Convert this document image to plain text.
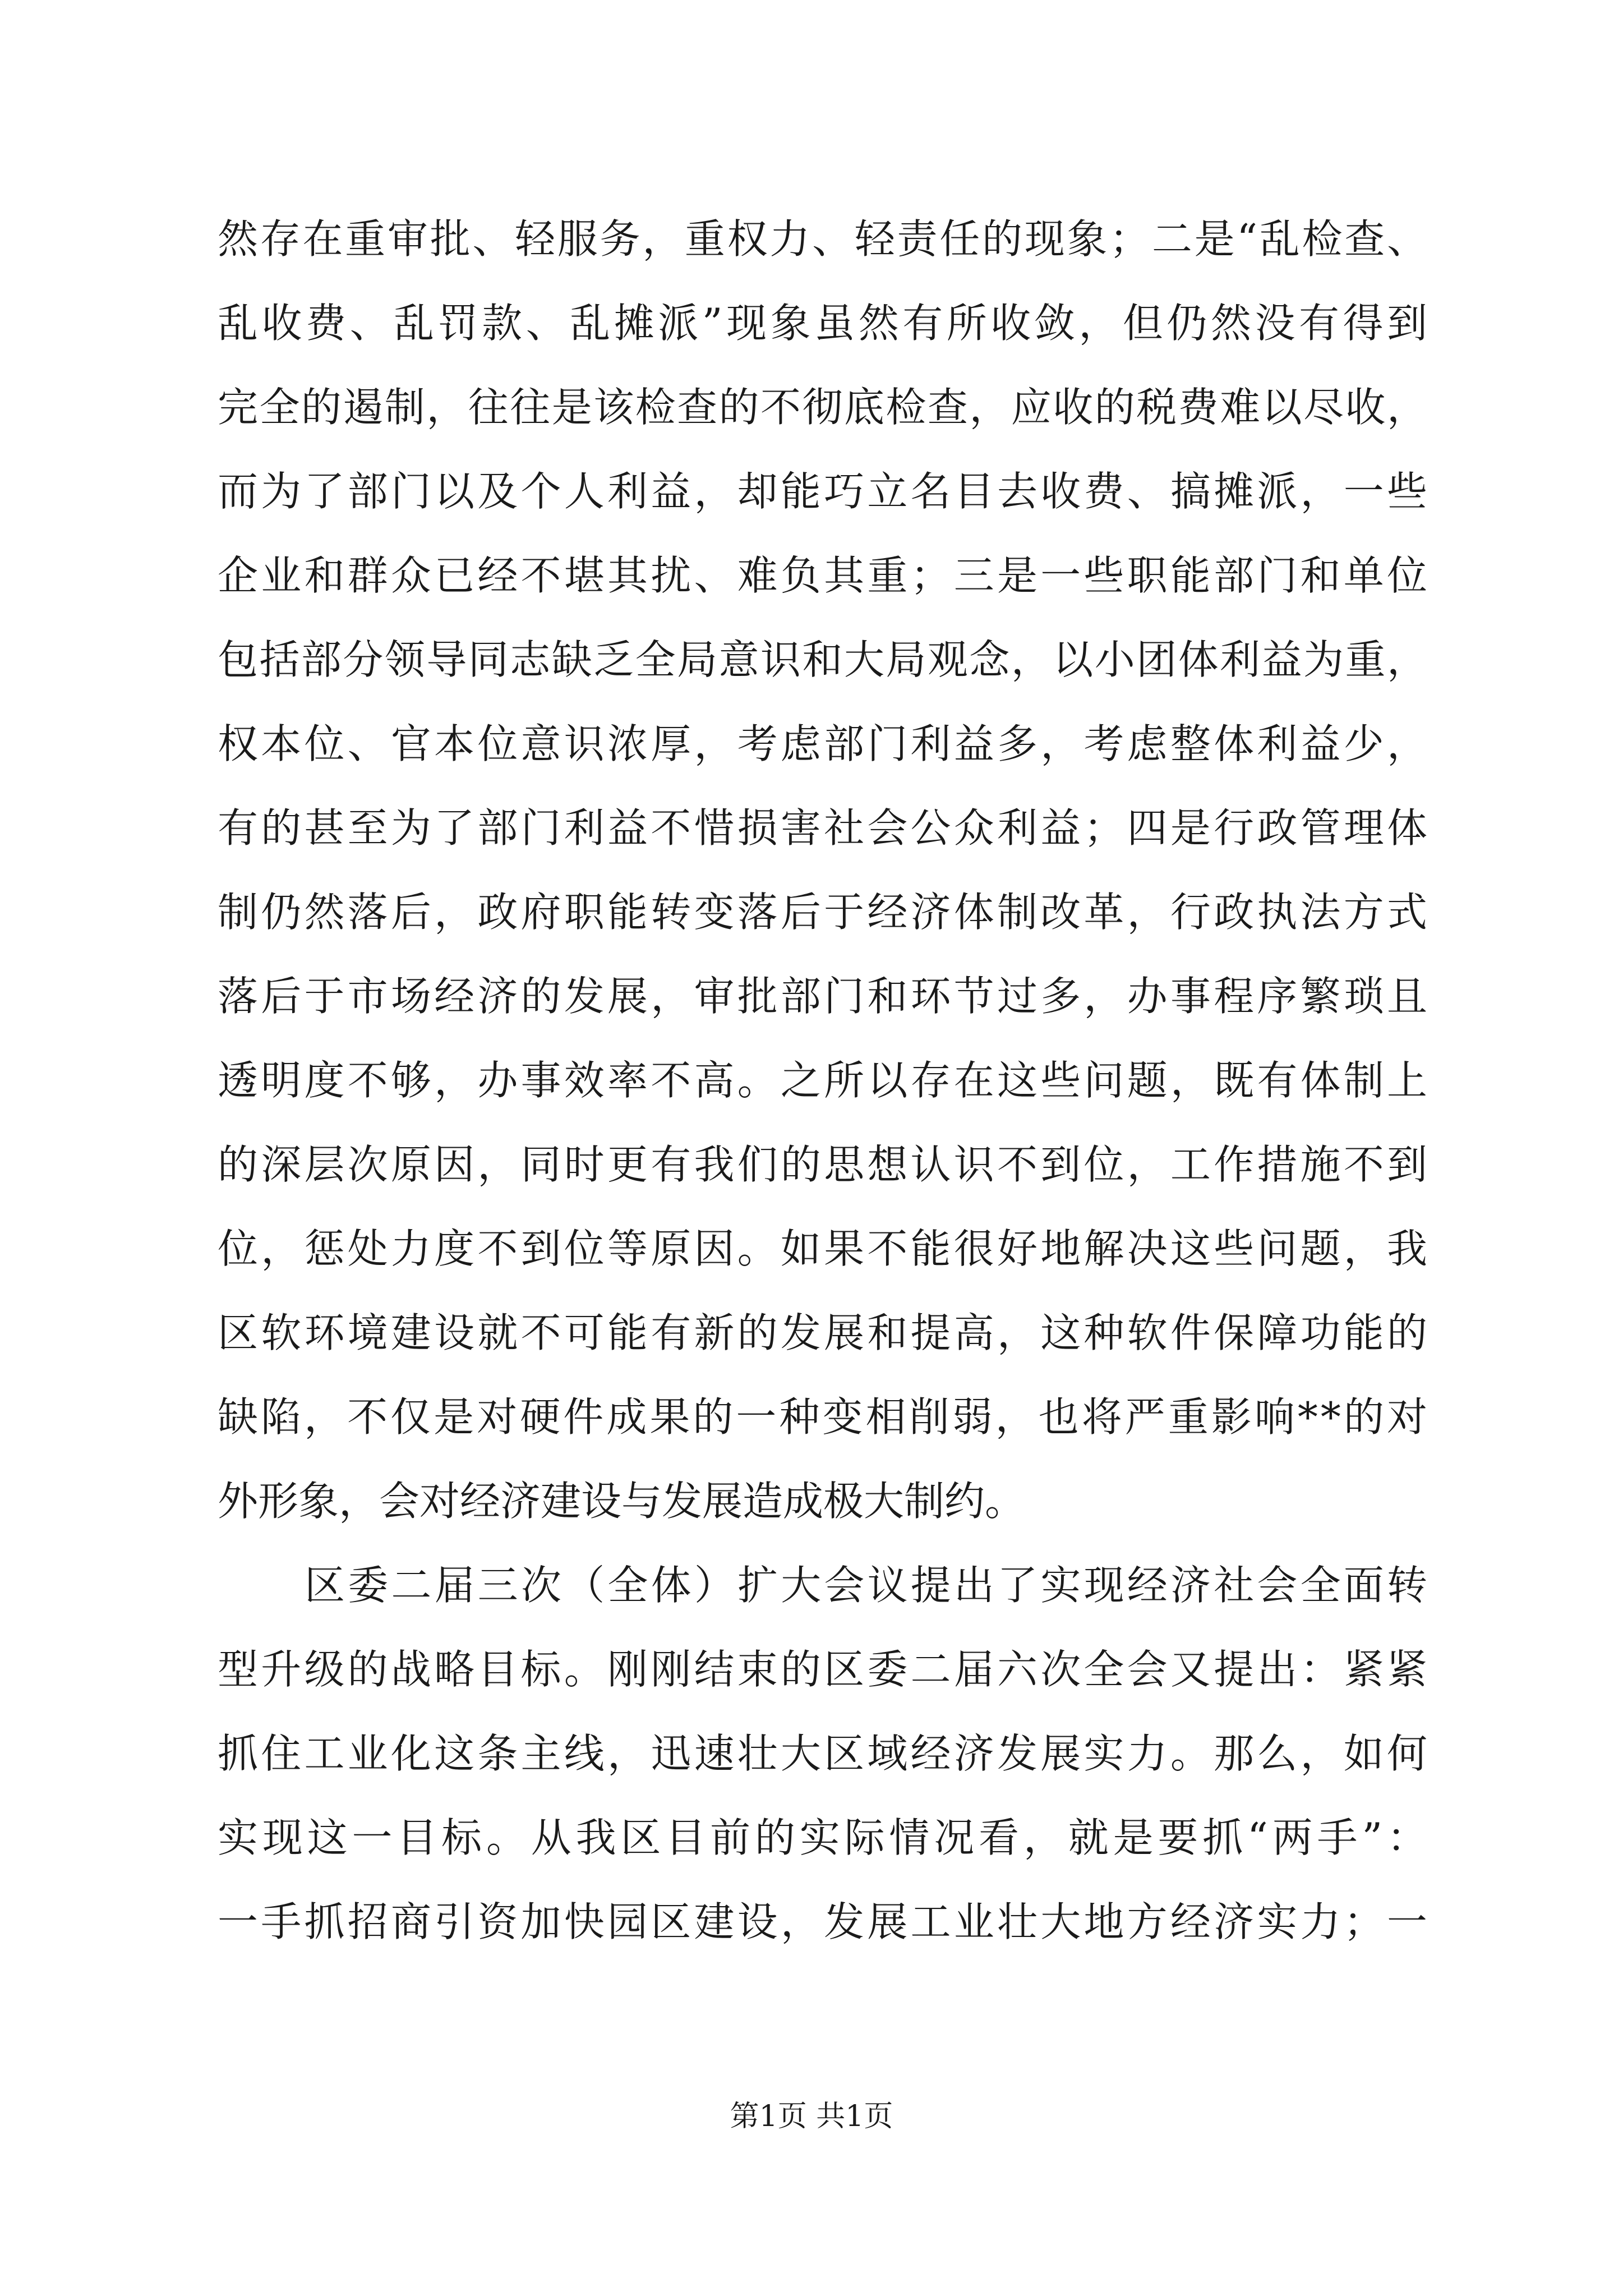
然存在重审批、轻服务，重权力、轻责任的现象；二是“乱检查、
乱收费、乱罚款、乱摊派”现象虽然有所收敛，但仍然没有得到
完全的遏制，往往是该检查的不彻底检查，应收的税费难以尽收，
而为了部门以及个人利益，却能巧立名目去收费、搞摊派，一些
企业和群众已经不堪其扰、难负其重；三是一些职能部门和单位
包括部分领导同志缺乏全局意识和大局观念，以小团体利益为重，
权本位、官本位意识浓厚，考虑部门利益多，考虑整体利益少，
有的甚至为了部门利益不惜损害社会公众利益；四是行政管理体
制仍然落后，政府职能转变落后于经济体制改革，行政执法方式
落后于市场经济的发展，审批部门和环节过多，办事程序繁琐且
透明度不够，办事效率不高。之所以存在这些问题，既有体制上
的深层次原因，同时更有我们的思想认识不到位，工作措施不到
位，惩处力度不到位等原因。如果不能很好地解决这些问题，我
区软环境建设就不可能有新的发展和提高，这种软件保障功能的
缺陷，不仅是对硬件成果的一种变相削弱，也将严重影响**的对
外形象，会对经济建设与发展造成极大制约。
区委二届三次（全体）扩大会议提出了实现经济社会全面转
型升级的战略目标。刚刚结束的区委二届六次全会又提出：紧紧
抓住工业化这条主线，迅速壮大区域经济发展实力。那么，如何
实现这一目标。从我区目前的实际情况看，就是要抓“两手”：
一手抓招商引资加快园区建设，发展工业壮大地方经济实力；一
第1页 共1页
